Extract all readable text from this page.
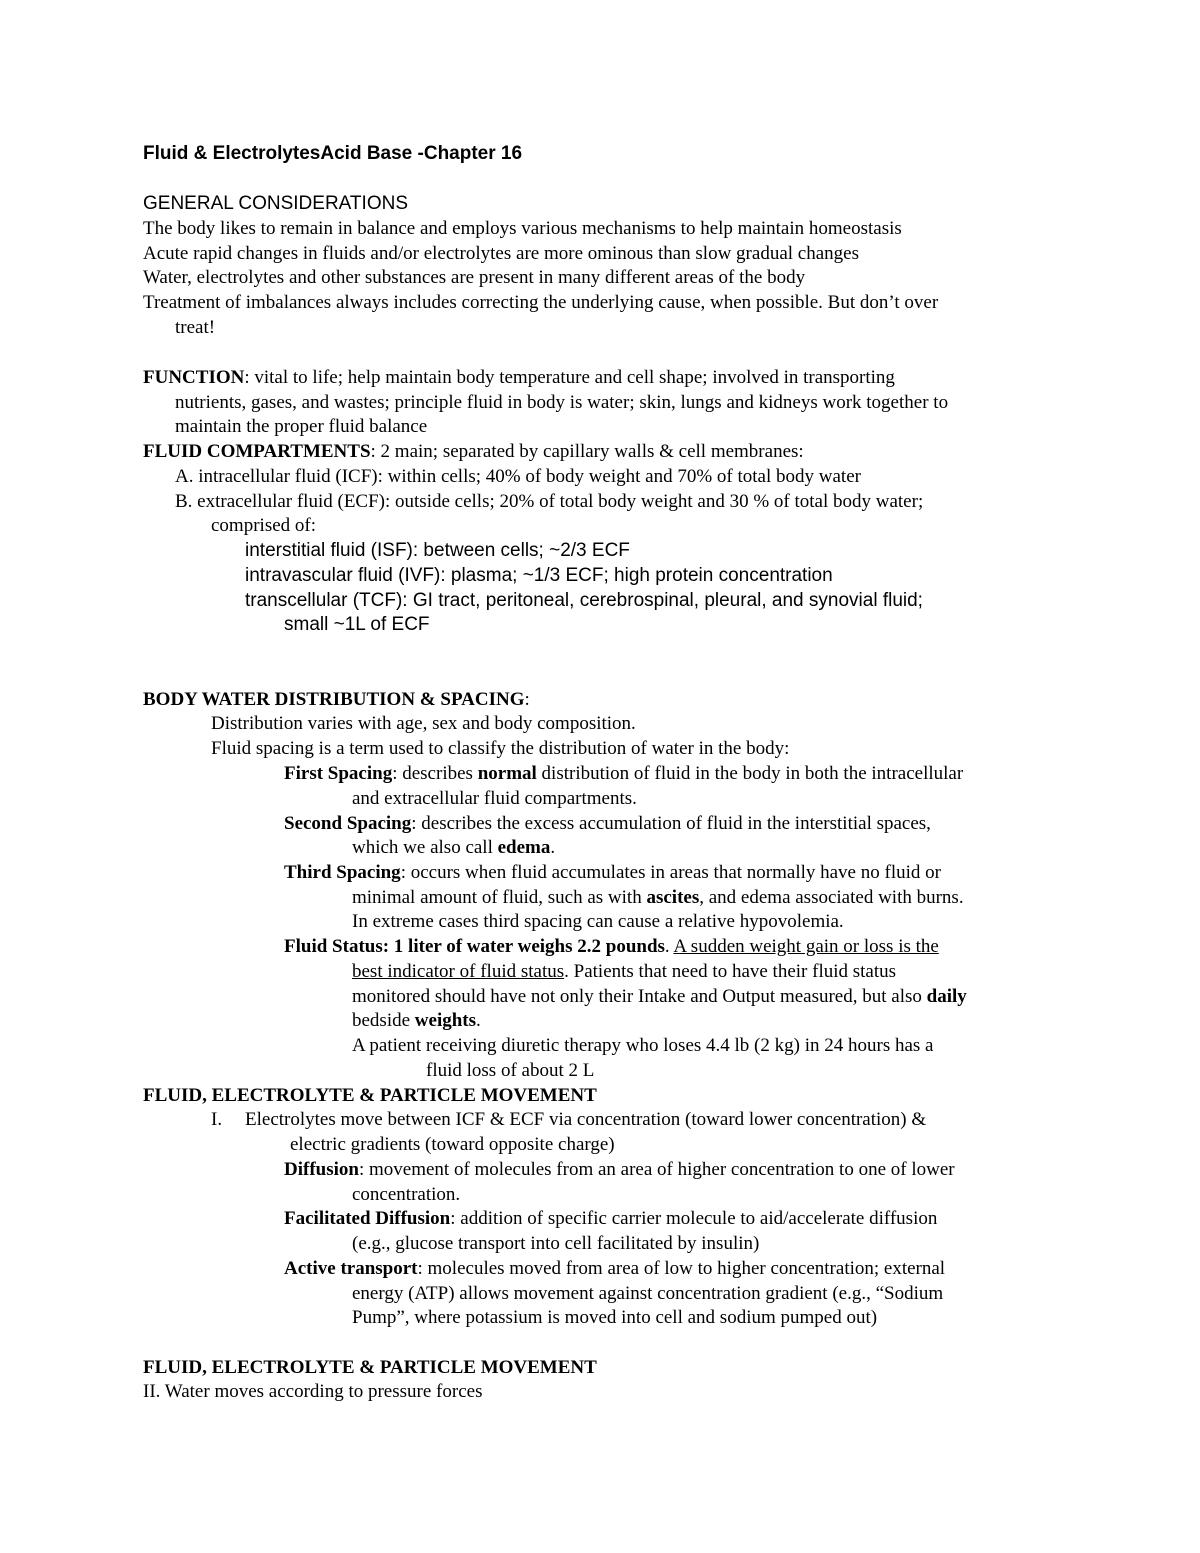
Fluid & ElectrolytesAcid Base -Chapter 16
GENERAL CONSIDERATIONS
The body likes to remain in balance and employs various mechanisms to help maintain homeostasis
Acute rapid changes in fluids and/or electrolytes are more ominous than slow gradual changes
Water, electrolytes and other substances are present in many different areas of the body
Treatment of imbalances always includes correcting the underlying cause, when possible. But don’t over
treat!
FUNCTION: vital to life; help maintain body temperature and cell shape; involved in transporting
nutrients, gases, and wastes; principle fluid in body is water; skin, lungs and kidneys work together to
maintain the proper fluid balance
FLUID COMPARTMENTS: 2 main; separated by capillary walls & cell membranes:
A. intracellular fluid (ICF): within cells; 40% of body weight and 70% of total body water
B. extracellular fluid (ECF): outside cells; 20% of total body weight and 30 % of total body water;
comprised of:
interstitial fluid (ISF): between cells; ~2/3 ECF
intravascular fluid (IVF): plasma; ~1/3 ECF; high protein concentration
transcellular (TCF): GI tract, peritoneal, cerebrospinal, pleural, and synovial fluid;
small ~1L of ECF
BODY WATER DISTRIBUTION & SPACING:
Distribution varies with age, sex and body composition.
Fluid spacing is a term used to classify the distribution of water in the body:
First Spacing: describes normal distribution of fluid in the body in both the intracellular
and extracellular fluid compartments.
Second Spacing: describes the excess accumulation of fluid in the interstitial spaces,
which we also call edema.
Third Spacing: occurs when fluid accumulates in areas that normally have no fluid or
minimal amount of fluid, such as with ascites, and edema associated with burns.
In extreme cases third spacing can cause a relative hypovolemia.
Fluid Status: 1 liter of water weighs 2.2 pounds. A sudden weight gain or loss is the
best indicator of fluid status. Patients that need to have their fluid status
monitored should have not only their Intake and Output measured, but also daily
bedside weights.
A patient receiving diuretic therapy who loses 4.4 lb (2 kg) in 24 hours has a
fluid loss of about 2 L
FLUID, ELECTROLYTE & PARTICLE MOVEMENT
I. Electrolytes move between ICF & ECF via concentration (toward lower concentration) &
electric gradients (toward opposite charge)
Diffusion: movement of molecules from an area of higher concentration to one of lower
concentration.
Facilitated Diffusion: addition of specific carrier molecule to aid/accelerate diffusion
(e.g., glucose transport into cell facilitated by insulin)
Active transport: molecules moved from area of low to higher concentration; external
energy (ATP) allows movement against concentration gradient (e.g., “Sodium
Pump”, where potassium is moved into cell and sodium pumped out)
FLUID, ELECTROLYTE & PARTICLE MOVEMENT
II. Water moves according to pressure forces
